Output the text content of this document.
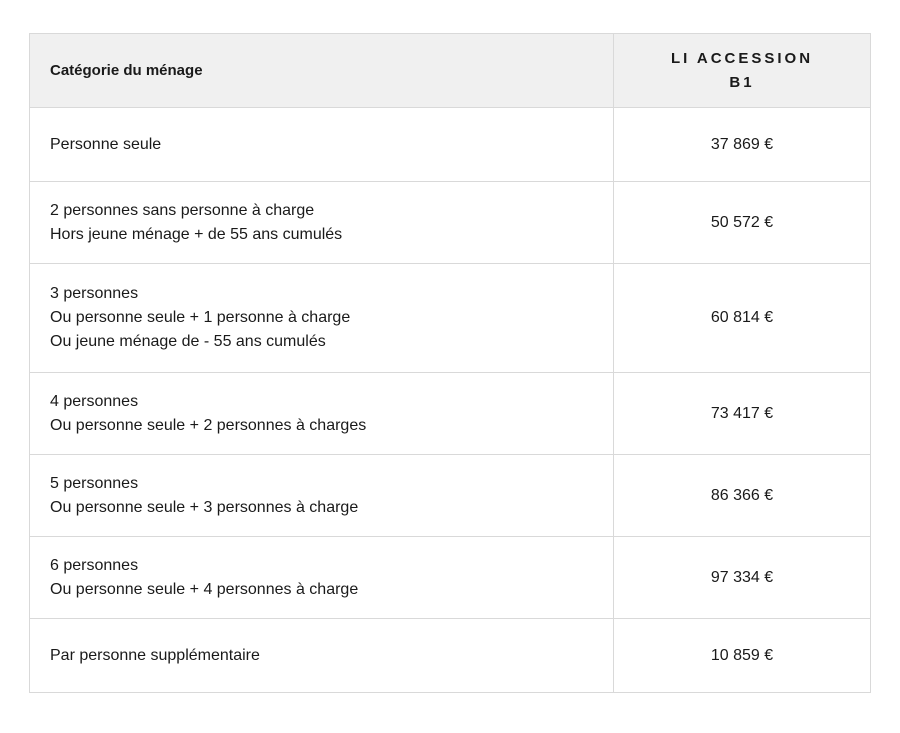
Catégorie du ménage
LI ACCESSION
B1
Personne seule	37 869 €
2 personnes sans personne à charge
Hors jeune ménage + de 55 ans cumulés
50 572 €
3 personnes
Ou personne seule + 1 personne à charge
Ou jeune ménage de - 55 ans cumulés
60 814 €
4 personnes
Ou personne seule + 2 personnes à charges
73 417 €
5 personnes
Ou personne seule + 3 personnes à charge
86 366 €
6 personnes
Ou personne seule + 4 personnes à charge
97 334 €
Par personne supplémentaire	10 859 €
